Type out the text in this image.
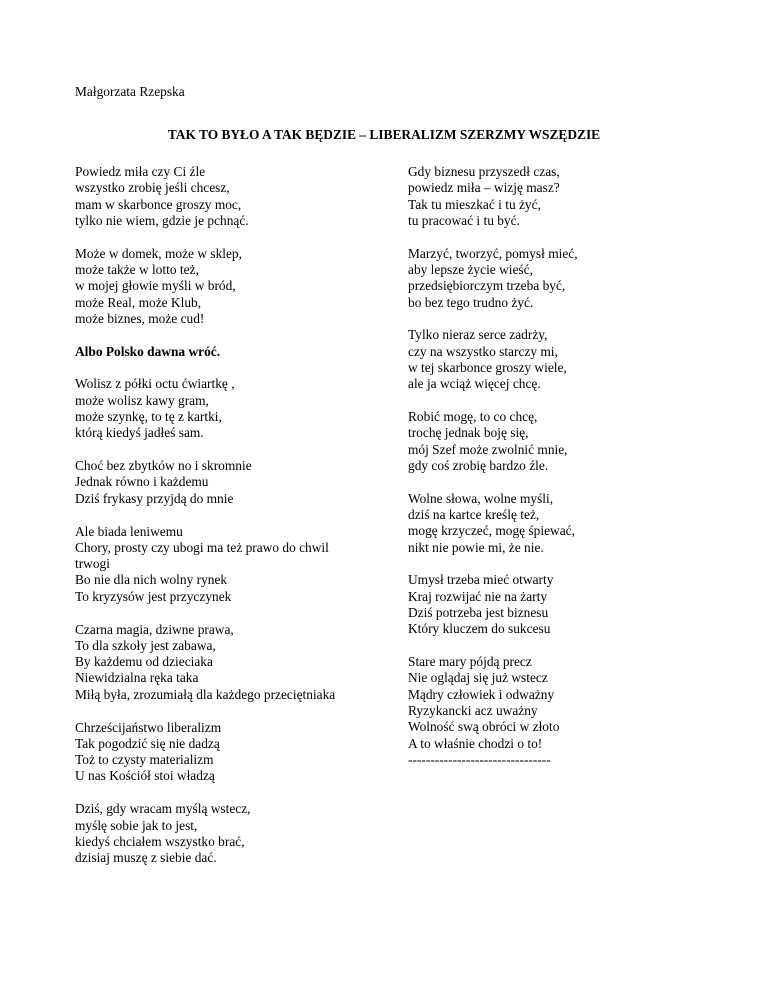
Małgorzata Rzepska
TAK TO BYŁO A TAK BĘDZIE – LIBERALIZM SZERZMY WSZĘDZIE
Powiedz miła czy Ci źle
wszystko zrobię jeśli chcesz,
mam w skarbonce groszy moc,
tylko nie wiem, gdzie je pchnąć.
Może w domek, może w sklep,
może także w lotto też,
w mojej głowie myśli w bród,
może Real, może Klub,
może biznes, może cud!
Albo Polsko dawna wróć.
Wolisz z półki octu ćwiartkę ,
może wolisz kawy gram,
może szynkę, to tę z kartki,
którą kiedyś jadłeś sam.
Choć bez zbytków no i skromnie
Jednak równo i każdemu
Dziś frykasy przyjdą do mnie
Ale biada leniwemu
Chory, prosty czy ubogi ma też prawo do chwil trwogi
Bo nie dla nich wolny rynek
To kryzysów jest przyczynek
Czarna magia, dziwne prawa,
To dla szkoły jest zabawa,
By każdemu od dzieciaka
Niewidzialna ręka taka
Miłą była, zrozumiałą dla każdego przeciętniaka
Chrześcijaństwo liberalizm
Tak pogodzić się nie dadzą
Toż to czysty materializm
U nas Kościół stoi władzą
Dziś, gdy wracam myślą wstecz,
myślę sobie jak to jest,
kiedyś chciałem wszystko brać,
dzisiaj muszę z siebie dać.
Gdy biznesu przyszedł czas,
powiedz miła – wizję masz?
Tak tu mieszkać i tu żyć,
tu pracować i tu być.
Marzyć, tworzyć, pomysł mieć,
aby lepsze życie wieść,
przedsiębiorczym trzeba być,
bo bez tego trudno żyć.
Tylko nieraz serce zadrży,
czy na wszystko starczy mi,
w tej skarbonce groszy wiele,
ale ja wciąż więcej chcę.
Robić mogę, to co chcę,
trochę jednak boję się,
mój Szef może zwolnić mnie,
gdy coś zrobię bardzo źle.
Wolne słowa, wolne myśli,
dziś na kartce kreślę też,
mogę krzyczeć, mogę śpiewać,
nikt nie powie mi, że nie.
Umysł trzeba mieć otwarty
Kraj rozwijać nie na żarty
Dziś potrzeba jest biznesu
Który kluczem do sukcesu
Stare mary pójdą precz
Nie oglądaj się już wstecz
Mądry człowiek i odważny
Ryzykancki acz uważny
Wolność swą obróci w złoto
A to właśnie chodzi o to!
--------------------------------
